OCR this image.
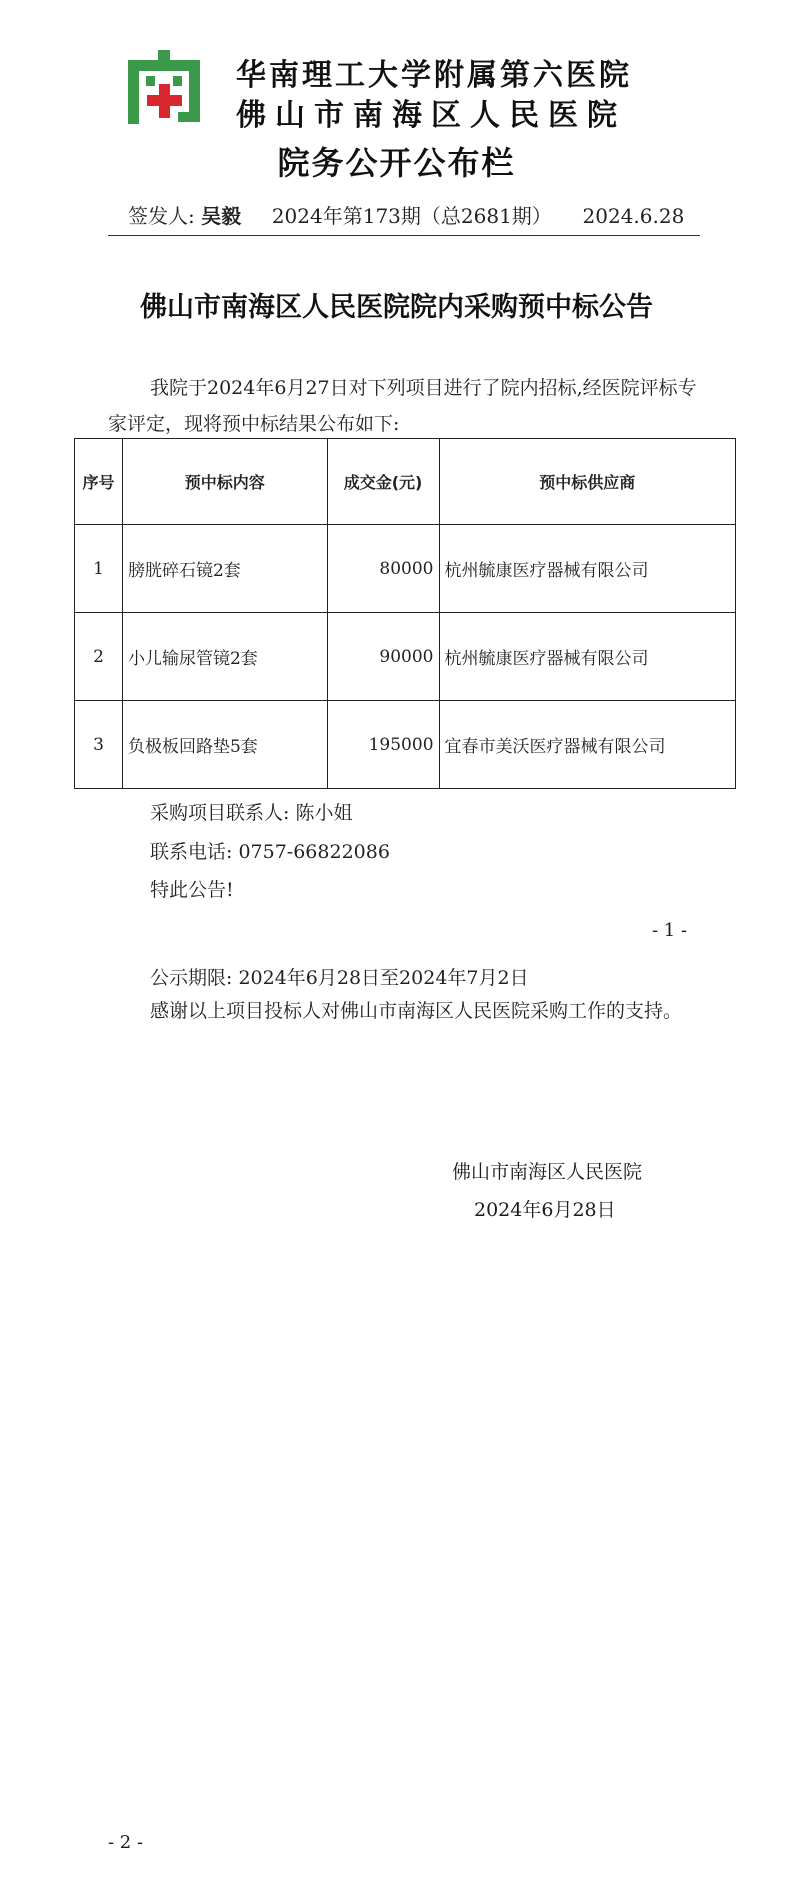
华南理工大学附属第六医院
佛山市南海区人民医院
院务公开公布栏
签发人: 吴毅 2024年第173期（总2681期） 2024.6.28
佛山市南海区人民医院院内采购预中标公告
我院于2024年6月27日对下列项目进行了院内招标,经医院评标专家评定，现将预中标结果公布如下:
序号	预中标内容	成交金(元)	预中标供应商
1	膀胱碎石镜2套	80000	杭州毓康医疗器械有限公司
2	小儿输尿管镜2套	90000	杭州毓康医疗器械有限公司
3	负极板回路垫5套	195000	宜春市美沃医疗器械有限公司
采购项目联系人: 陈小姐
联系电话: 0757-66822086
特此公告!
- 1 -
公示期限: 2024年6月28日至2024年7月2日
感谢以上项目投标人对佛山市南海区人民医院采购工作的支持。
佛山市南海区人民医院
2024年6月28日
- 2 -
